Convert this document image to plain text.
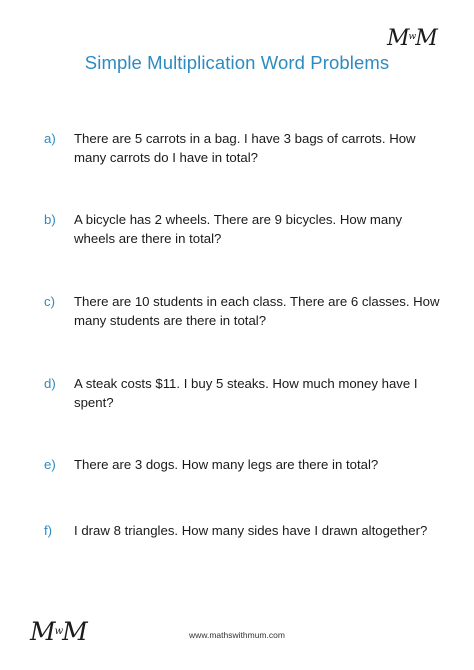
$M^wM$
Simple Multiplication Word Problems
a)	There are 5 carrots in a bag. I have 3 bags of carrots. How many carrots do I have in total?
b)	A bicycle has 2 wheels. There are 9 bicycles. How many wheels are there in total?
c)	There are 10 students in each class. There are 6 classes. How many students are there in total?
d)	A steak costs $11. I buy 5 steaks. How much money have I spent?
e)	There are 3 dogs. How many legs are there in total?
f)	I draw 8 triangles. How many sides have I drawn altogether?
$M^wM$	www.mathswithmum.com
